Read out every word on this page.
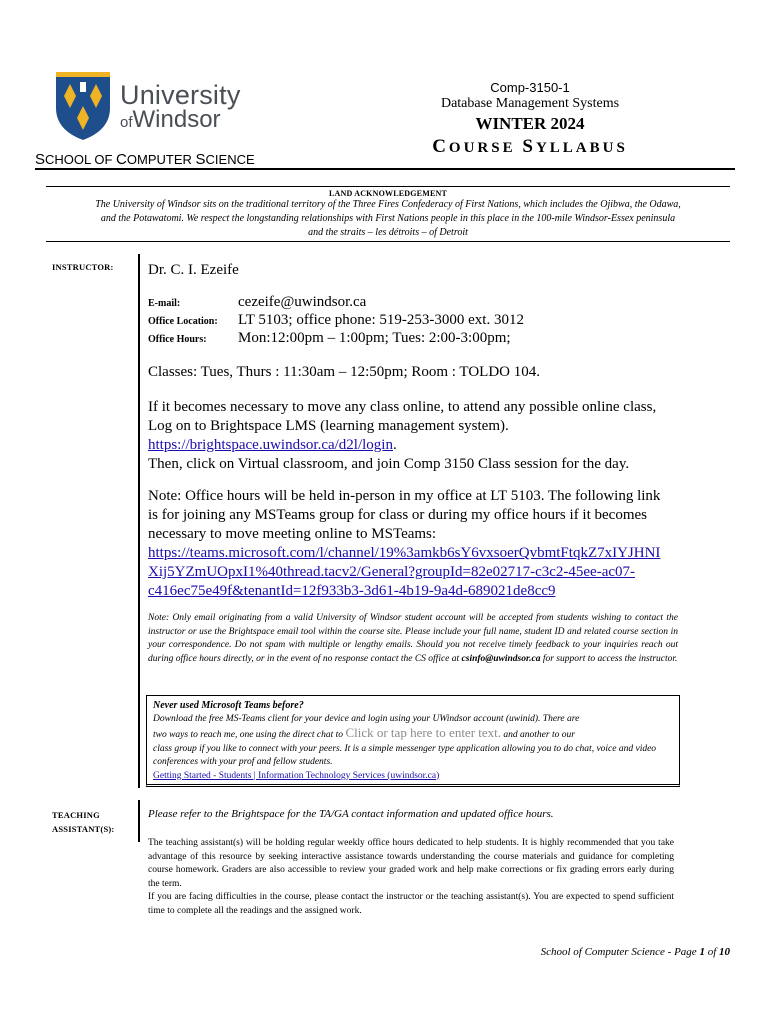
University
ofWindsor
Comp-3150-1
Database Management Systems
WINTER 2024
COURSE SYLLABUS
SCHOOL OF COMPUTER SCIENCE
LAND ACKNOWLEDGEMENT
The University of Windsor sits on the traditional territory of the Three Fires Confederacy of First Nations, which includes the Ojibwa, the Odawa,
and the Potawatomi. We respect the longstanding relationships with First Nations people in this place in the 100-mile Windsor-Essex peninsula
and the straits – les détroits – of Detroit
INSTRUCTOR: Dr. C. I. Ezeife
E-mail:	cezeife@uwindsor.ca
Office Location: LT 5103; office phone: 519-253-3000 ext. 3012
Office Hours: Mon:12:00pm – 1:00pm; Tues: 2:00-3:00pm;
Classes: Tues, Thurs : 11:30am – 12:50pm; Room : TOLDO 104.
If it becomes necessary to move any class online, to attend any possible online class,
Log on to Brightspace LMS (learning management system).
https://brightspace.uwindsor.ca/d2l/login.
Then, click on Virtual classroom, and join Comp 3150 Class session for the day.
Note: Office hours will be held in-person in my office at LT 5103. The following link
is for joining any MSTeams group for class or during my office hours if it becomes
necessary to move meeting online to MSTeams:
https://teams.microsoft.com/l/channel/19%3amkb6sY6vxsoerQvbmtFtqkZ7xIYJHNI
Xij5YZmUOpxI1%40thread.tacv2/General?groupId=82e02717-c3c2-45ee-ac07-
c416ec75e49f&tenantId=12f933b3-3d61-4b19-9a4d-689021de8cc9
Note: Only email originating from a valid University of Windsor student account will be accepted from students wishing to contact the instructor or use the Brightspace email tool within the course site. Please include your full name, student ID and related course section in your correspondence. Do not spam with multiple or lengthy emails. Should you not receive timely feedback to your inquiries reach out during office hours directly, or in the event of no response contact the CS office at csinfo@uwindsor.ca for support to access the instructor.
Never used Microsoft Teams before?
Download the free MS-Teams client for your device and login using your UWindsor account (uwinid). There are
two ways to reach me, one using the direct chat to Click or tap here to enter text. and another to our
class group if you like to connect with your peers. It is a simple messenger type application allowing you to do chat, voice and video conferences with your prof and fellow students.
Getting Started - Students | Information Technology Services (uwindsor.ca)
TEACHING
ASSISTANT(S):
Please refer to the Brightspace for the TA/GA contact information and updated office hours.
The teaching assistant(s) will be holding regular weekly office hours dedicated to help students. It is highly recommended that you take advantage of this resource by seeking interactive assistance towards understanding the course materials and guidance for completing course homework. Graders are also accessible to review your graded work and help make corrections or fix grading errors early during the term.
If you are facing difficulties in the course, please contact the instructor or the teaching assistant(s). You are expected to spend sufficient time to complete all the readings and the assigned work.
School of Computer Science - Page 1 of 10
